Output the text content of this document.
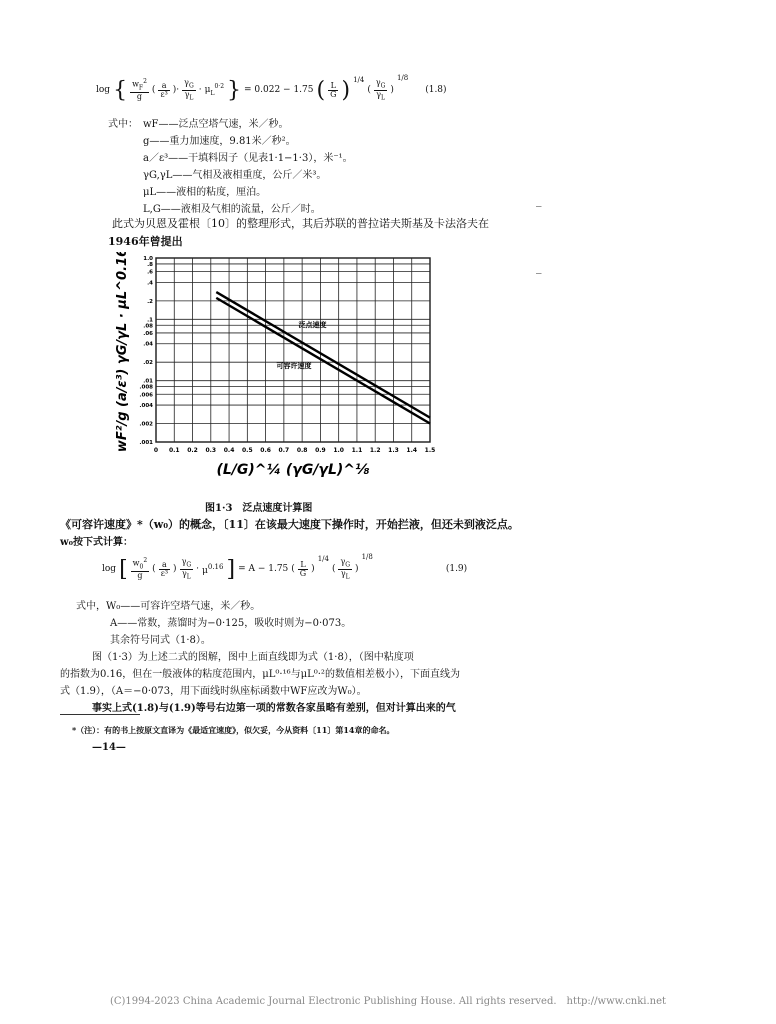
log { $\frac{w_F^2}{g}$ ( $\frac{a}{\text{ε³}}$ )· $\frac{\gamma_G}{\gamma_L} \cdot \mu_L^{0\cdot 2}$ } = 0.022 − 1.75 ( $\frac{L}{G}$ ) 1/4
( $\frac{\gamma_G}{\gamma_L}$ )
1/8
(1.8)
式中： wF——泛点空塔气速，米／秒。
g——重力加速度，9.81米／秒²。
a／ε³——干填料因子（见表1·1−1·3），米⁻¹。
γG,γL——气相及液相重度，公斤／米³。
μL——液相的粘度，厘泊。
L,G——液相及气相的流量，公斤／时。
此式为贝恩及霍根〔10〕的整理形式，其后苏联的普拉诺夫斯基及卡法洛夫在
1946年曾提出
‾
‾
0 0.1 0.2 0.3 0.4 0.5 0.6 0.7 0.8 0.9 1.0 1.1 1.2 1.3 1.4 1.5
.001
.002
.004
.006
.008
.01
.02
.04
.06
.08
.1
.2
.4
.6
.8
1.0
泛点速度
可容许速度
(L/G)^¼ (γG/γL)^⅛
wF²/g (a/ε³) γG/γL · μL^0.16
图1·3　泛点速度计算图
《可容许速度》*（w₀）的概念，〔11〕在该最大速度下操作时，开始拦液，但还未到液泛点。
w₀按下式计算：
log [ $\frac{w_0^2}{g}$ ( $\frac{a}{\text{ε³}}$ ) $\frac{\gamma_G}{\gamma_L} \cdot \mu^{0.16}$ ] = A − 1.75 ( $\frac{L}{G}$ )
1/4
( $\frac{\gamma_G}{\gamma_L}$ )
1/8
(1.9)
式中，W₀——可容许空塔气速，米／秒。
A——常数，蒸馏时为−0·125，吸收时则为−0·073。
其余符号同式（1·8）。
图（1·3）为上述二式的图解，图中上面直线即为式（1·8），（图中粘度项
的指数为0.16，但在一般液体的粘度范围内，μL⁰·¹⁶与μL⁰·²的数值相差极小），下面直线为
式（1.9），（A＝−0·073，用下面线时纵座标函数中WF应改为W₀）。
事实上式(1.8)与(1.9)等号右边第一项的常数各家虽略有差别，但对计算出来的气
*（注）：有的书上按原文直译为《最适宜速度》，似欠妥，今从资料〔11〕第14章的命名。
—14—
(C)1994-2023 China Academic Journal Electronic Publishing House. All rights reserved.　http://www.cnki.net
